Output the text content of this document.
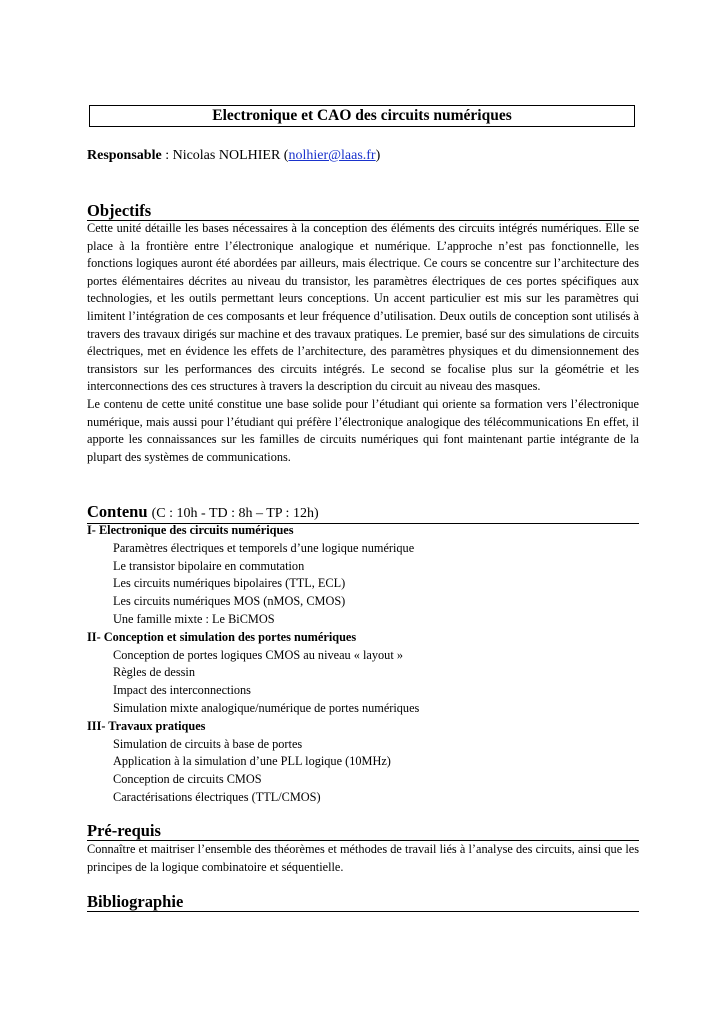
Electronique et CAO des circuits numériques
Responsable : Nicolas NOLHIER (nolhier@laas.fr)
Objectifs

Cette unité détaille les bases nécessaires à la conception des éléments des circuits intégrés numériques. Elle se place à la frontière entre l’électronique analogique et numérique. L’approche n’est pas fonctionnelle, les fonctions logiques auront été abordées par ailleurs, mais électrique. Ce cours se concentre sur l’architecture des portes élémentaires décrites au niveau du transistor, les paramètres électriques de ces portes spécifiques aux technologies, et les outils permettant leurs conceptions. Un accent particulier est mis sur les paramètres qui limitent l’intégration de ces composants et leur fréquence d’utilisation. Deux outils de conception sont utilisés à travers des travaux dirigés sur machine et des travaux pratiques. Le premier, basé sur des simulations de circuits électriques, met en évidence les effets de l’architecture, des paramètres physiques et du dimensionnement des transistors sur les performances des circuits intégrés. Le second se focalise plus sur la géométrie et les interconnections des ces structures à travers la description du circuit au niveau des masques.

Le contenu de cette unité constitue une base solide pour l’étudiant qui oriente sa formation vers l’électronique numérique, mais aussi pour l’étudiant qui préfère l’électronique analogique des télécommunications En effet, il apporte les connaissances sur les familles de circuits numériques qui font maintenant partie intégrante de la plupart des systèmes de communications.

Contenu (C : 10h - TD : 8h – TP : 12h)
I- Electronique des circuits numériques
Paramètres électriques et temporels d’une logique numérique
Le transistor bipolaire en commutation
Les circuits numériques bipolaires (TTL, ECL)
Les circuits numériques MOS (nMOS, CMOS)
Une famille mixte : Le BiCMOS
II- Conception et simulation des portes numériques
Conception de portes logiques CMOS au niveau « layout »
Règles de dessin
Impact des interconnections
Simulation mixte analogique/numérique de portes numériques
III- Travaux pratiques
Simulation de circuits à base de portes
Application à la simulation d’une PLL logique (10MHz)
Conception de circuits CMOS
Caractérisations électriques (TTL/CMOS)
Pré-requis

Connaître et maitriser l’ensemble des théorèmes et méthodes de travail liés à l’analyse des circuits, ainsi que les principes de la logique combinatoire et séquentielle.

Bibliographie
